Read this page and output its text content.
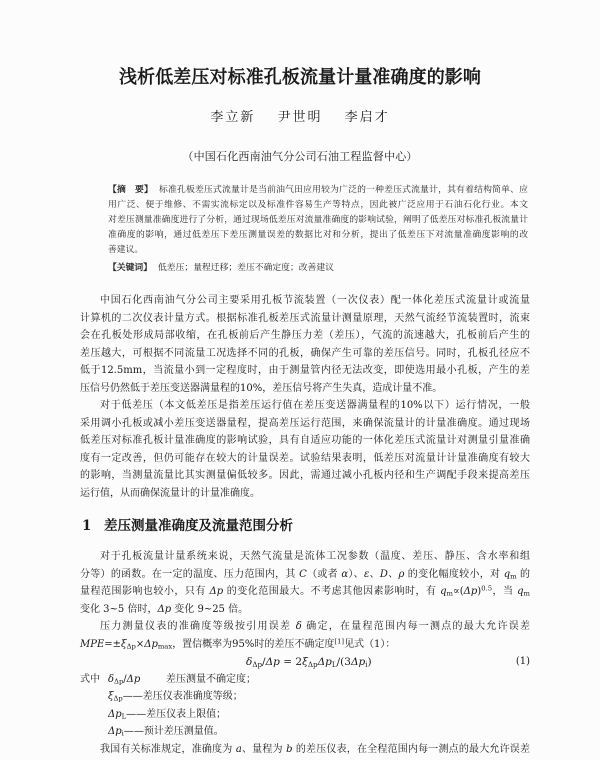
浅析低差压对标准孔板流量计量准确度的影响
李立新 尹世明 李启才
（中国石化西南油气分公司石油工程监督中心）
【摘　要】 标准孔板差压式流量计是当前油气田应用较为广泛的一种差压式流量计，其有着结构简单、应
用广泛、便于维修、不需实流标定以及标准件容易生产等特点，因此被广泛应用于石油石化行业。本文
对差压测量准确度进行了分析，通过现场低差压对流量准确度的影响试验，阐明了低差压对标准孔板流量计
准确度的影响，通过低差压下差压测量误差的数据比对和分析，提出了低差压下对流量准确度影响的改
善建议。
【关键词】 低差压；量程迁移；差压不确定度；改善建议
中国石化西南油气分公司主要采用孔板节流装置（一次仪表）配一体化差压式流量计或流量
计算机的二次仪表计量方式。根据标准孔板差压式流量计测量原理，天然气流经节流装置时，流束
会在孔板处形成局部收缩，在孔板前后产生静压力差（差压），气流的流速越大，孔板前后产生的
差压越大，可根据不同流量工况选择不同的孔板，确保产生可靠的差压信号。同时，孔板孔径应不
低于12.5mm，当流量小到一定程度时，由于测量管内径无法改变，即使选用最小孔板，产生的差
压信号仍然低于差压变送器满量程的10%，差压信号将产生失真，造成计量不准。
对于低差压（本文低差压是指差压运行值在差压变送器满量程的10%以下）运行情况，一般
采用调小孔板或减小差压变送器量程，提高差压运行范围，来确保流量计的计量准确度。通过现场
低差压对标准孔板计量准确度的影响试验，具有自适应功能的一体化差压式流量计对测量引量准确
度有一定改善，但仍可能存在较大的计量误差。试验结果表明，低差压对流量计计量准确度有较大
的影响，当测量流量比其实测量偏低较多。因此，需通过减小孔板内径和生产调配手段来提高差压
运行值，从而确保流量计的计量准确度。
1 差压测量准确度及流量范围分析
对于孔板流量计量系统来说，天然气流量是流体工况参数（温度、差压、静压、含水率和组
分等）的函数。在一定的温度、压力范围内，其 C（或者 α）、ε、D、ρ 的变化幅度较小，对 $q_m$ 的
量程范围影响也较小，只有 Δp 的变化范围最大。不考虑其他因素影响时，有 $q_m\propto(\Delta p)^{0.5}$，当 $q_m$
变化 3~5 倍时，Δp 变化 9~25 倍。
压力测量仪表的准确度等级按引用误差 δ 确定，在量程范围内每一测点的最大允许误差
$MPE=\pm\xi_{\Delta p}\times\Delta p_{max}$，置信概率为95%时的差压不确定度[1]见式（1）：
$\delta_{\Delta p}/\Delta p = 2\xi_{\Delta p}\Delta p_L/(3\Delta p_i)$	(1)
式中 $\delta_{\Delta p}/\Delta p$	差压测量不确定度；
$\xi_{\Delta p}——$差压仪表准确度等级；
$\Delta p_L——$差压仪表上限值；
$\Delta p_i——$预计差压测量值。
我国有关标准规定，准确度为 a、量程为 b 的差压仪表，在全程范围内每一测点的最大允许误差
